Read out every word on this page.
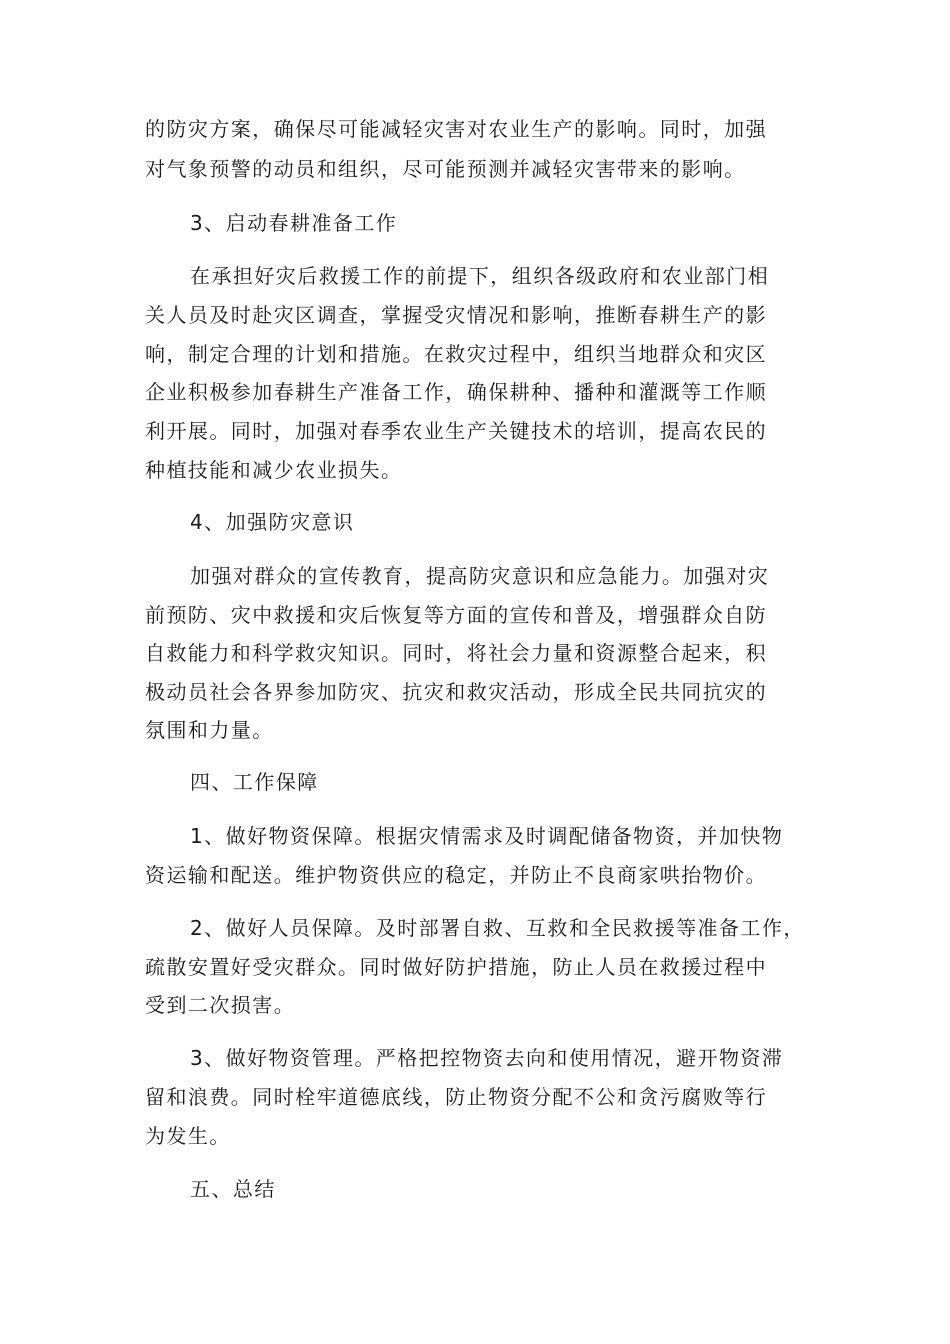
的防灾方案，确保尽可能减轻灾害对农业生产的影响。同时，加强
对气象预警的动员和组织，尽可能预测并减轻灾害带来的影响。
3、启动春耕准备工作
在承担好灾后救援工作的前提下，组织各级政府和农业部门相
关人员及时赴灾区调查，掌握受灾情况和影响，推断春耕生产的影
响，制定合理的计划和措施。在救灾过程中，组织当地群众和灾区
企业积极参加春耕生产准备工作，确保耕种、播种和灌溉等工作顺
利开展。同时，加强对春季农业生产关键技术的培训，提高农民的
种植技能和减少农业损失。
4、加强防灾意识
加强对群众的宣传教育，提高防灾意识和应急能力。加强对灾
前预防、灾中救援和灾后恢复等方面的宣传和普及，增强群众自防
自救能力和科学救灾知识。同时，将社会力量和资源整合起来，积
极动员社会各界参加防灾、抗灾和救灾活动，形成全民共同抗灾的
氛围和力量。
四、工作保障
1、做好物资保障。根据灾情需求及时调配储备物资，并加快物
资运输和配送。维护物资供应的稳定，并防止不良商家哄抬物价。
2、做好人员保障。及时部署自救、互救和全民救援等准备工作，
疏散安置好受灾群众。同时做好防护措施，防止人员在救援过程中
受到二次损害。
3、做好物资管理。严格把控物资去向和使用情况，避开物资滞
留和浪费。同时栓牢道德底线，防止物资分配不公和贪污腐败等行
为发生。
五、总结
